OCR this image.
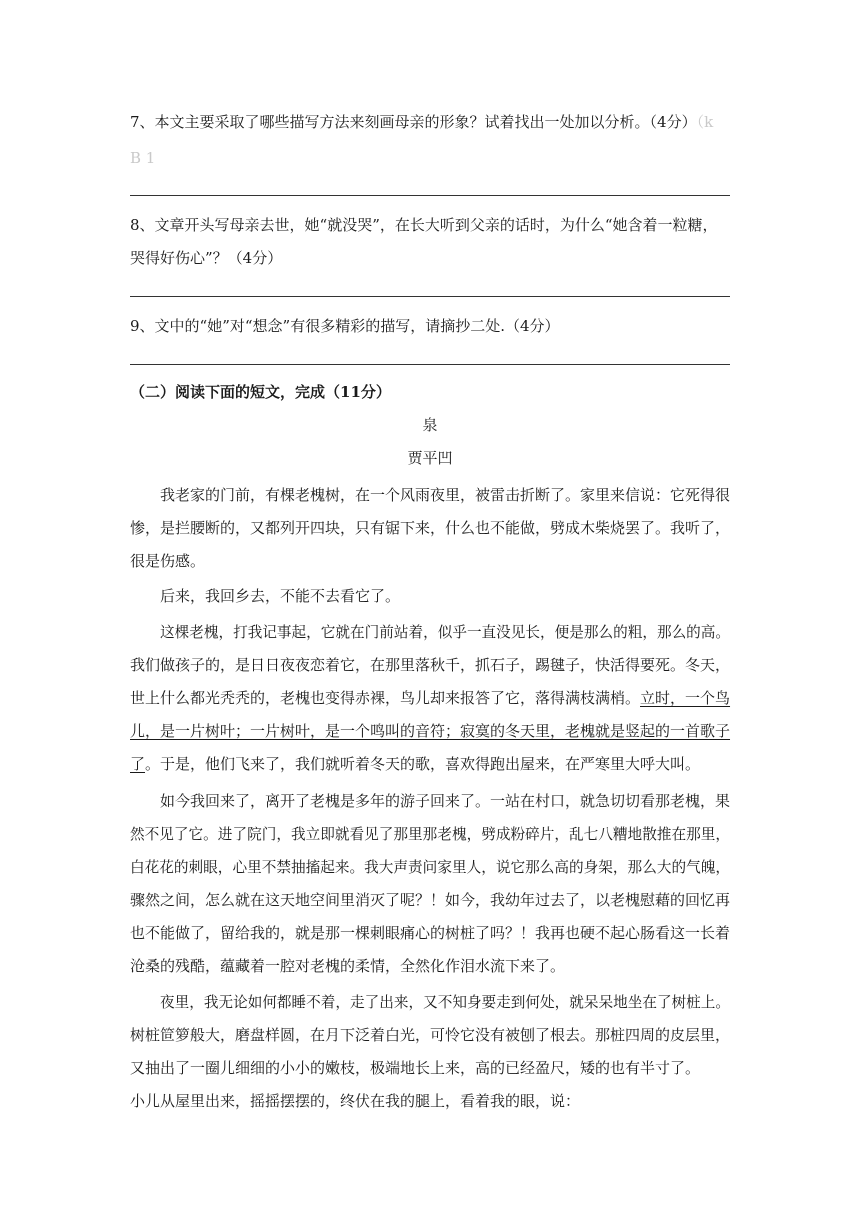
7、本文主要采取了哪些描写方法来刻画母亲的形象？试着找出一处加以分析。（4分）（k
B 1
8、文章开头写母亲去世，她“就没哭”，在长大听到父亲的话时，为什么“她含着一粒糖，
哭得好伤心”？（4分）
9、文中的“她”对“想念”有很多精彩的描写，请摘抄二处.（4分）
（二）阅读下面的短文，完成（11分）
泉
贾平凹
我老家的门前，有棵老槐树，在一个风雨夜里，被雷击折断了。家里来信说：它死得很
惨，是拦腰断的，又都列开四块，只有锯下来，什么也不能做，劈成木柴烧罢了。我听了，
很是伤感。
后来，我回乡去，不能不去看它了。
这棵老槐，打我记事起，它就在门前站着，似乎一直没见长，便是那么的粗，那么的高。
我们做孩子的，是日日夜夜恋着它，在那里落秋千，抓石子，踢毽子，快活得要死。冬天，
世上什么都光秃秃的，老槐也变得赤裸，鸟儿却来报答了它，落得满枝满梢。立时，一个鸟
儿，是一片树叶；一片树叶，是一个鸣叫的音符；寂寞的冬天里，老槐就是竖起的一首歌子
了。于是，他们飞来了，我们就听着冬天的歌，喜欢得跑出屋来，在严寒里大呼大叫。
如今我回来了，离开了老槐是多年的游子回来了。一站在村口，就急切切看那老槐，果
然不见了它。进了院门，我立即就看见了那里那老槐，劈成粉碎片，乱七八糟地散推在那里，
白花花的刺眼，心里不禁抽搐起来。我大声责问家里人，说它那么高的身架，那么大的气魄，
骤然之间，怎么就在这天地空间里消灭了呢？！如今，我幼年过去了，以老槐慰藉的回忆再
也不能做了，留给我的，就是那一棵刺眼痛心的树桩了吗？！我再也硬不起心肠看这一长着
沧桑的残酷，蕴藏着一腔对老槐的柔情，全然化作泪水流下来了。
夜里，我无论如何都睡不着，走了出来，又不知身要走到何处，就呆呆地坐在了树桩上。
树桩笸箩般大，磨盘样圆，在月下泛着白光，可怜它没有被刨了根去。那桩四周的皮层里，
又抽出了一圈儿细细的小小的嫩枝，极端地长上来，高的已经盈尺，矮的也有半寸了。
小儿从屋里出来，摇摇摆摆的，终伏在我的腿上，看着我的眼，说：
